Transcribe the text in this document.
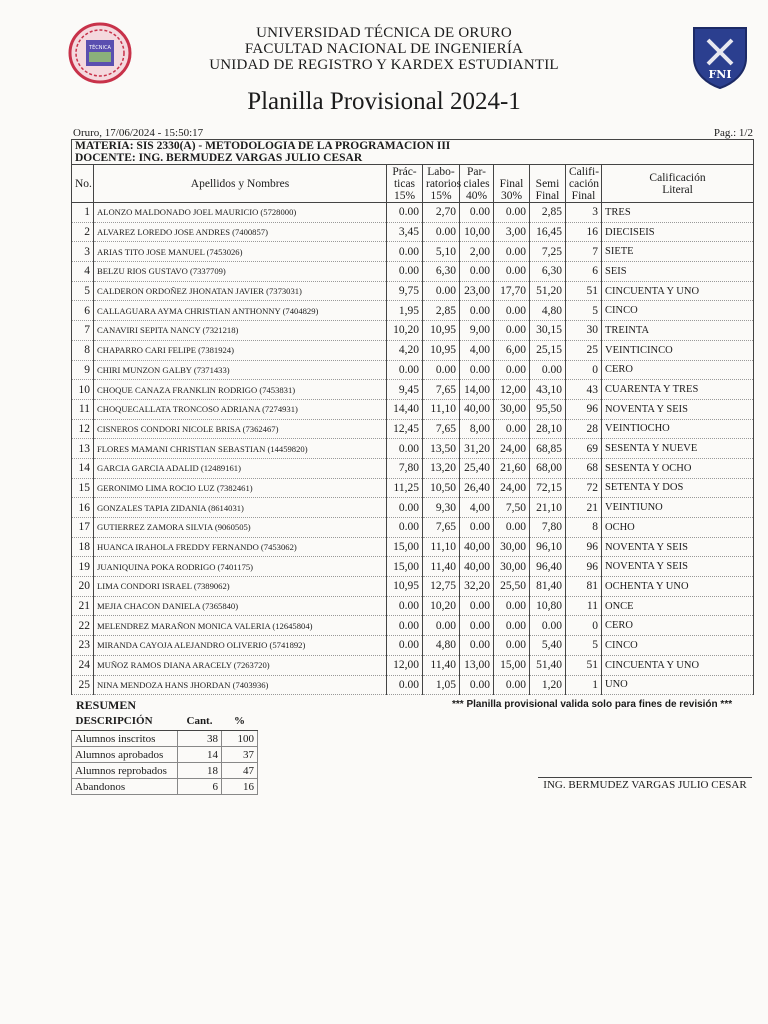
TÉCNICA
FNI
UNIVERSIDAD TÉCNICA DE ORURO
FACULTAD NACIONAL DE INGENIERÍA
UNIDAD DE REGISTRO Y KARDEX ESTUDIANTIL
Planilla Provisional 2024-1
Oruro, 17/06/2024 - 15:50:17	Pag.: 1/2
MATERIA: SIS 2330(A) - METODOLOGIA DE LA PROGRAMACION III								
DOCENTE: ING. BERMUDEZ VARGAS JULIO CESAR								
No.	Apellidos y Nombres	Prác-
ticas
15%	Labo-
ratorios
15%	Par-
ciales
40%	Final
30%	Semi
Final	Califi-
cación
Final	Calificación
Literal
1	ALONZO MALDONADO JOEL MAURICIO (5728000)	0.00	2,70	0.00	0.00	2,85	3	TRES
2	ALVAREZ LOREDO JOSE ANDRES (7400857)	3,45	0.00	10,00	3,00	16,45	16	DIECISEIS
3	ARIAS TITO JOSE MANUEL (7453026)	0.00	5,10	2,00	0.00	7,25	7	SIETE
4	BELZU RIOS GUSTAVO (7337709)	0.00	6,30	0.00	0.00	6,30	6	SEIS
5	CALDERON ORDOÑEZ JHONATAN JAVIER (7373031)	9,75	0.00	23,00	17,70	51,20	51	CINCUENTA Y UNO
6	CALLAGUARA AYMA CHRISTIAN ANTHONNY (7404829)	1,95	2,85	0.00	0.00	4,80	5	CINCO
7	CANAVIRI SEPITA NANCY (7321218)	10,20	10,95	9,00	0.00	30,15	30	TREINTA
8	CHAPARRO CARI FELIPE (7381924)	4,20	10,95	4,00	6,00	25,15	25	VEINTICINCO
9	CHIRI MUNZON GALBY (7371433)	0.00	0.00	0.00	0.00	0.00	0	CERO
10	CHOQUE CANAZA FRANKLIN RODRIGO (7453831)	9,45	7,65	14,00	12,00	43,10	43	CUARENTA Y TRES
11	CHOQUECALLATA TRONCOSO ADRIANA (7274931)	14,40	11,10	40,00	30,00	95,50	96	NOVENTA Y SEIS
12	CISNEROS CONDORI NICOLE BRISA (7362467)	12,45	7,65	8,00	0.00	28,10	28	VEINTIOCHO
13	FLORES MAMANI CHRISTIAN SEBASTIAN (14459820)	0.00	13,50	31,20	24,00	68,85	69	SESENTA Y NUEVE
14	GARCIA GARCIA ADALID (12489161)	7,80	13,20	25,40	21,60	68,00	68	SESENTA Y OCHO
15	GERONIMO LIMA ROCIO LUZ (7382461)	11,25	10,50	26,40	24,00	72,15	72	SETENTA Y DOS
16	GONZALES TAPIA ZIDANIA (8614031)	0.00	9,30	4,00	7,50	21,10	21	VEINTIUNO
17	GUTIERREZ ZAMORA SILVIA (9060505)	0.00	7,65	0.00	0.00	7,80	8	OCHO
18	HUANCA IRAHOLA FREDDY FERNANDO (7453062)	15,00	11,10	40,00	30,00	96,10	96	NOVENTA Y SEIS
19	JUANIQUINA POKA RODRIGO (7401175)	15,00	11,40	40,00	30,00	96,40	96	NOVENTA Y SEIS
20	LIMA CONDORI ISRAEL (7389062)	10,95	12,75	32,20	25,50	81,40	81	OCHENTA Y UNO
21	MEJIA CHACON DANIELA (7365840)	0.00	10,20	0.00	0.00	10,80	11	ONCE
22	MELENDREZ MARAÑON MONICA VALERIA (12645804)	0.00	0.00	0.00	0.00	0.00	0	CERO
23	MIRANDA CAYOJA ALEJANDRO OLIVERIO (5741892)	0.00	4,80	0.00	0.00	5,40	5	CINCO
24	MUÑOZ RAMOS DIANA ARACELY (7263720)	12,00	11,40	13,00	15,00	51,40	51	CINCUENTA Y UNO
25	NINA MENDOZA HANS JHORDAN (7403936)	0.00	1,05	0.00	0.00	1,20	1	UNO
RESUMEN	*** Planilla provisional valida solo para fines de revisión ***
DESCRIPCIÓN	Cant.	%
Alumnos inscritos	38	100
Alumnos aprobados	14	37
Alumnos reprobados	18	47
Abandonos	6	16	ING. BERMUDEZ VARGAS JULIO CESAR
